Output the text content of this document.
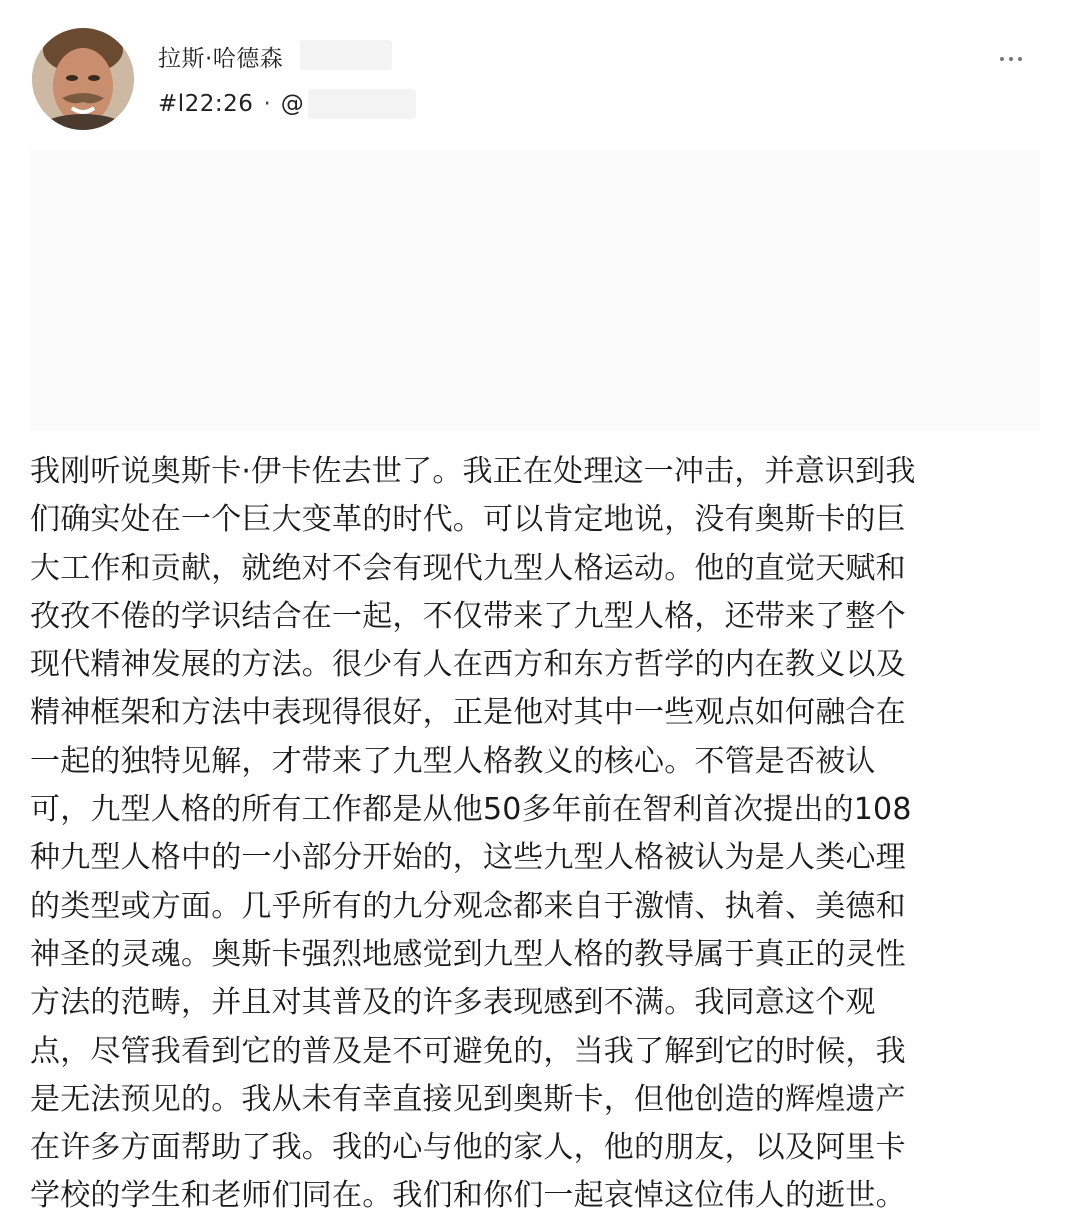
拉斯·哈德森
#l22:26 · @
我刚听说奥斯卡·伊卡佐去世了。我正在处理这一冲击，并意识到我
们确实处在一个巨大变革的时代。可以肯定地说，没有奥斯卡的巨
大工作和贡献，就绝对不会有现代九型人格运动。他的直觉天赋和
孜孜不倦的学识结合在一起，不仅带来了九型人格，还带来了整个
现代精神发展的方法。很少有人在西方和东方哲学的内在教义以及
精神框架和方法中表现得很好，正是他对其中一些观点如何融合在
一起的独特见解，才带来了九型人格教义的核心。不管是否被认
可，九型人格的所有工作都是从他50多年前在智利首次提出的108
种九型人格中的一小部分开始的，这些九型人格被认为是人类心理
的类型或方面。几乎所有的九分观念都来自于激情、执着、美德和
神圣的灵魂。奥斯卡强烈地感觉到九型人格的教导属于真正的灵性
方法的范畴，并且对其普及的许多表现感到不满。我同意这个观
点，尽管我看到它的普及是不可避免的，当我了解到它的时候，我
是无法预见的。我从未有幸直接见到奥斯卡，但他创造的辉煌遗产
在许多方面帮助了我。我的心与他的家人，他的朋友，以及阿里卡
学校的学生和老师们同在。我们和你们一起哀悼这位伟人的逝世。
